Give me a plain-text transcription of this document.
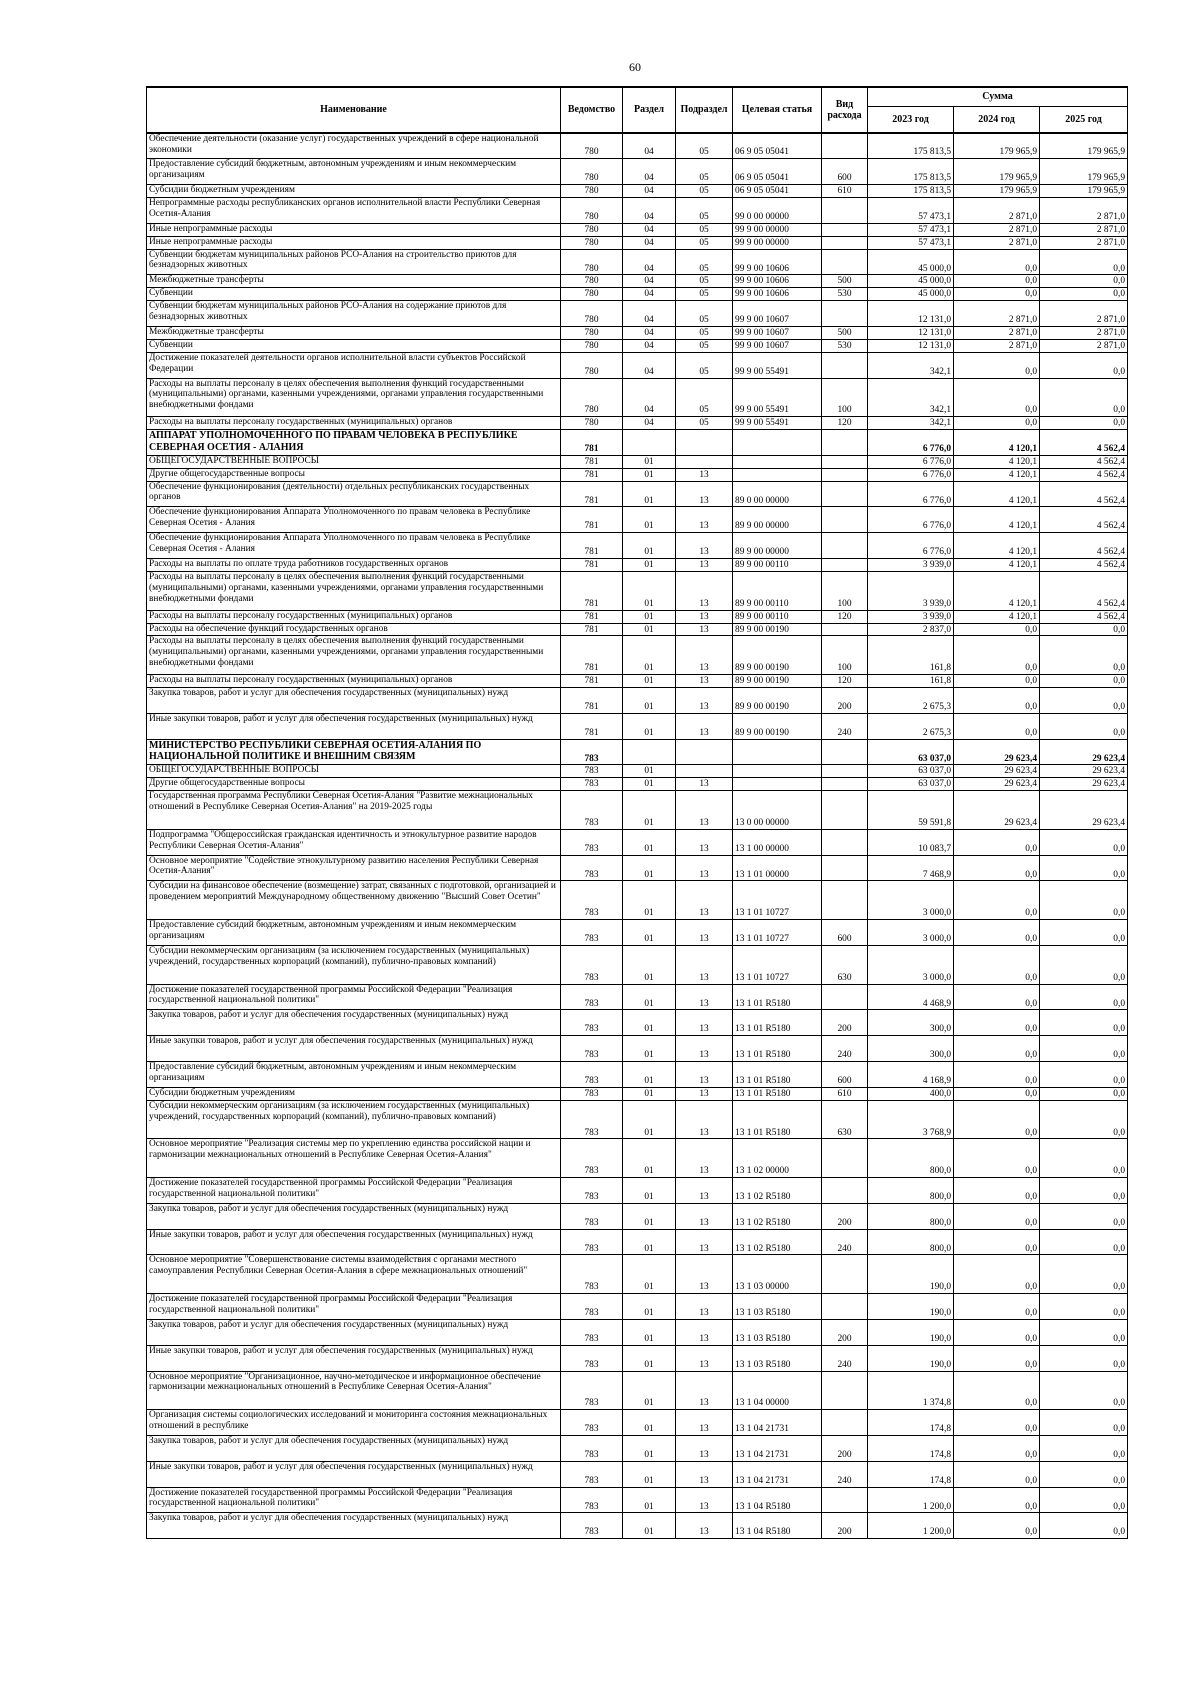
60
Наименование	Ведомство	Раздел	Подраздел	Целевая статья	Вид расхода	Сумма		
						2023 год	2024 год	2025 год
Обеспечение деятельности (оказание услуг) государственных учреждений в сфере национальной экономики	780	04	05	06 9 05 05041		175 813,5	179 965,9	179 965,9
Предоставление субсидий бюджетным, автономным учреждениям и иным некоммерческим организациям	780	04	05	06 9 05 05041	600	175 813,5	179 965,9	179 965,9
Субсидии бюджетным учреждениям	780	04	05	06 9 05 05041	610	175 813,5	179 965,9	179 965,9
Непрограммные расходы республиканских органов исполнительной власти Республики Северная Осетия-Алания	780	04	05	99 0 00 00000		57 473,1	2 871,0	2 871,0
Иные непрограммные расходы	780	04	05	99 9 00 00000		57 473,1	2 871,0	2 871,0
Иные непрограммные расходы	780	04	05	99 9 00 00000		57 473,1	2 871,0	2 871,0
Субвенции бюджетам муниципальных районов РСО-Алания на строительство приютов для безнадзорных животных	780	04	05	99 9 00 10606		45 000,0	0,0	0,0
Межбюджетные трансферты	780	04	05	99 9 00 10606	500	45 000,0	0,0	0,0
Субвенции	780	04	05	99 9 00 10606	530	45 000,0	0,0	0,0
Субвенции бюджетам муниципальных районов РСО-Алания на содержание приютов для безнадзорных животных	780	04	05	99 9 00 10607		12 131,0	2 871,0	2 871,0
Межбюджетные трансферты	780	04	05	99 9 00 10607	500	12 131,0	2 871,0	2 871,0
Субвенции	780	04	05	99 9 00 10607	530	12 131,0	2 871,0	2 871,0
Достижение показателей деятельности органов исполнительной власти субъектов Российской Федерации	780	04	05	99 9 00 55491		342,1	0,0	0,0
Расходы на выплаты персоналу в целях обеспечения выполнения функций государственными (муниципальными) органами, казенными учреждениями, органами управления государственными внебюджетными фондами	780	04	05	99 9 00 55491	100	342,1	0,0	0,0
Расходы на выплаты персоналу государственных (муниципальных) органов	780	04	05	99 9 00 55491	120	342,1	0,0	0,0
АППАРАТ УПОЛНОМОЧЕННОГО ПО ПРАВАМ ЧЕЛОВЕКА В РЕСПУБЛИКЕ СЕВЕРНАЯ ОСЕТИЯ - АЛАНИЯ	781					6 776,0	4 120,1	4 562,4
ОБЩЕГОСУДАРСТВЕННЫЕ ВОПРОСЫ	781	01				6 776,0	4 120,1	4 562,4
Другие общегосударственные вопросы	781	01	13			6 776,0	4 120,1	4 562,4
Обеспечение функционирования (деятельности) отдельных республиканских государственных органов	781	01	13	89 0 00 00000		6 776,0	4 120,1	4 562,4
Обеспечение функционирования Аппарата Уполномоченного по правам человека в Республике Северная Осетия - Алания	781	01	13	89 9 00 00000		6 776,0	4 120,1	4 562,4
Обеспечение функционирования Аппарата Уполномоченного по правам человека в Республике Северная Осетия - Алания	781	01	13	89 9 00 00000		6 776,0	4 120,1	4 562,4
Расходы на выплаты по оплате труда работников государственных органов	781	01	13	89 9 00 00110		3 939,0	4 120,1	4 562,4
Расходы на выплаты персоналу в целях обеспечения выполнения функций государственными (муниципальными) органами, казенными учреждениями, органами управления государственными внебюджетными фондами	781	01	13	89 9 00 00110	100	3 939,0	4 120,1	4 562,4
Расходы на выплаты персоналу государственных (муниципальных) органов	781	01	13	89 9 00 00110	120	3 939,0	4 120,1	4 562,4
Расходы на обеспечение функций государственных органов	781	01	13	89 9 00 00190		2 837,0	0,0	0,0
Расходы на выплаты персоналу в целях обеспечения выполнения функций государственными (муниципальными) органами, казенными учреждениями, органами управления государственными внебюджетными фондами	781	01	13	89 9 00 00190	100	161,8	0,0	0,0
Расходы на выплаты персоналу государственных (муниципальных) органов	781	01	13	89 9 00 00190	120	161,8	0,0	0,0
Закупка товаров, работ и услуг для обеспечения государственных (муниципальных) нужд	781	01	13	89 9 00 00190	200	2 675,3	0,0	0,0
Иные закупки товаров, работ и услуг для обеспечения государственных (муниципальных) нужд	781	01	13	89 9 00 00190	240	2 675,3	0,0	0,0
МИНИСТЕРСТВО РЕСПУБЛИКИ СЕВЕРНАЯ ОСЕТИЯ-АЛАНИЯ ПО НАЦИОНАЛЬНОЙ ПОЛИТИКЕ И ВНЕШНИМ СВЯЗЯМ	783					63 037,0	29 623,4	29 623,4
ОБЩЕГОСУДАРСТВЕННЫЕ ВОПРОСЫ	783	01				63 037,0	29 623,4	29 623,4
Другие общегосударственные вопросы	783	01	13			63 037,0	29 623,4	29 623,4
Государственная программа Республики Северная Осетия-Алания "Развитие межнациональных отношений в Республике Северная Осетия-Алания" на 2019-2025 годы	783	01	13	13 0 00 00000		59 591,8	29 623,4	29 623,4
Подпрограмма "Общероссийская гражданская идентичность и этнокультурное развитие народов Республики Северная Осетия-Алания"	783	01	13	13 1 00 00000		10 083,7	0,0	0,0
Основное мероприятие "Содействие этнокультурному развитию населения Республики Северная Осетия-Алания"	783	01	13	13 1 01 00000		7 468,9	0,0	0,0
Субсидии на финансовое обеспечение (возмещение) затрат, связанных с подготовкой, организацией и проведением мероприятий Международному общественному движению "Высший Совет Осетин"	783	01	13	13 1 01 10727		3 000,0	0,0	0,0
Предоставление субсидий бюджетным, автономным учреждениям и иным некоммерческим организациям	783	01	13	13 1 01 10727	600	3 000,0	0,0	0,0
Субсидии некоммерческим организациям (за исключением государственных (муниципальных) учреждений, государственных корпораций (компаний), публично-правовых компаний)	783	01	13	13 1 01 10727	630	3 000,0	0,0	0,0
Достижение показателей государственной программы Российской Федерации "Реализация государственной национальной политики"	783	01	13	13 1 01 R5180		4 468,9	0,0	0,0
Закупка товаров, работ и услуг для обеспечения государственных (муниципальных) нужд	783	01	13	13 1 01 R5180	200	300,0	0,0	0,0
Иные закупки товаров, работ и услуг для обеспечения государственных (муниципальных) нужд	783	01	13	13 1 01 R5180	240	300,0	0,0	0,0
Предоставление субсидий бюджетным, автономным учреждениям и иным некоммерческим организациям	783	01	13	13 1 01 R5180	600	4 168,9	0,0	0,0
Субсидии бюджетным учреждениям	783	01	13	13 1 01 R5180	610	400,0	0,0	0,0
Субсидии некоммерческим организациям (за исключением государственных (муниципальных) учреждений, государственных корпораций (компаний), публично-правовых компаний)	783	01	13	13 1 01 R5180	630	3 768,9	0,0	0,0
Основное мероприятие "Реализация системы мер по укреплению единства российской нации и гармонизации межнациональных отношений в Республике Северная Осетия-Алания"	783	01	13	13 1 02 00000		800,0	0,0	0,0
Достижение показателей государственной программы Российской Федерации "Реализация государственной национальной политики"	783	01	13	13 1 02 R5180		800,0	0,0	0,0
Закупка товаров, работ и услуг для обеспечения государственных (муниципальных) нужд	783	01	13	13 1 02 R5180	200	800,0	0,0	0,0
Иные закупки товаров, работ и услуг для обеспечения государственных (муниципальных) нужд	783	01	13	13 1 02 R5180	240	800,0	0,0	0,0
Основное мероприятие "Совершенствование системы взаимодействия с органами местного самоуправления Республики Северная Осетия-Алания в сфере межнациональных отношений"	783	01	13	13 1 03 00000		190,0	0,0	0,0
Достижение показателей государственной программы Российской Федерации "Реализация государственной национальной политики"	783	01	13	13 1 03 R5180		190,0	0,0	0,0
Закупка товаров, работ и услуг для обеспечения государственных (муниципальных) нужд	783	01	13	13 1 03 R5180	200	190,0	0,0	0,0
Иные закупки товаров, работ и услуг для обеспечения государственных (муниципальных) нужд	783	01	13	13 1 03 R5180	240	190,0	0,0	0,0
Основное мероприятие "Организационное, научно-методическое и информационное обеспечение гармонизации межнациональных отношений в Республике Северная Осетия-Алания"	783	01	13	13 1 04 00000		1 374,8	0,0	0,0
Организация системы социологических исследований и мониторинга состояния межнациональных отношений в республике	783	01	13	13 1 04 21731		174,8	0,0	0,0
Закупка товаров, работ и услуг для обеспечения государственных (муниципальных) нужд	783	01	13	13 1 04 21731	200	174,8	0,0	0,0
Иные закупки товаров, работ и услуг для обеспечения государственных (муниципальных) нужд	783	01	13	13 1 04 21731	240	174,8	0,0	0,0
Достижение показателей государственной программы Российской Федерации "Реализация государственной национальной политики"	783	01	13	13 1 04 R5180		1 200,0	0,0	0,0
Закупка товаров, работ и услуг для обеспечения государственных (муниципальных) нужд	783	01	13	13 1 04 R5180	200	1 200,0	0,0	0,0
